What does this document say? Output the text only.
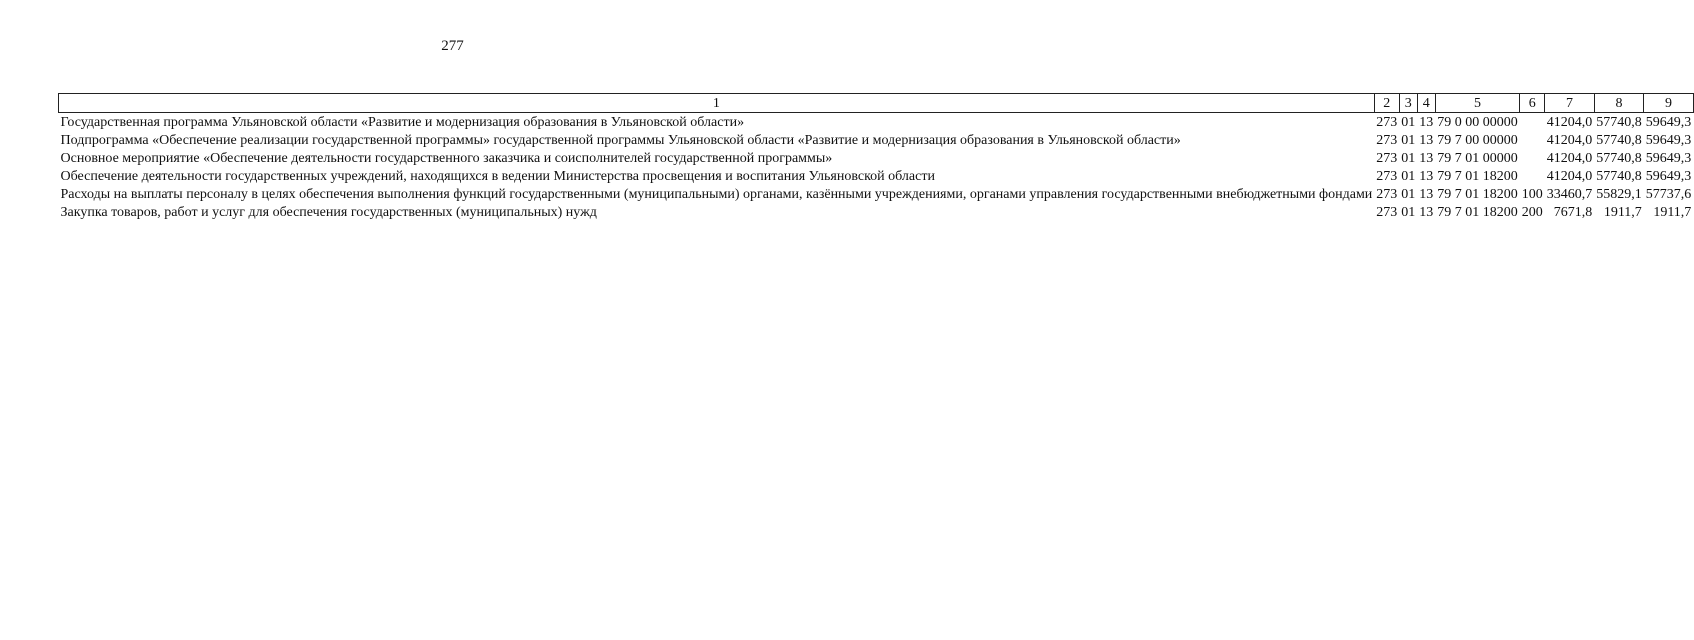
277
1	2	3	4	5	6	7	8	9
Государственная программа Ульяновской области «Развитие и модернизация образования в Ульяновской области»	273	01	13	79 0 00 00000		41204,0	57740,8	59649,3
Подпрограмма «Обеспечение реализации государственной программы» государственной программы Ульяновской области «Развитие и модернизация образования в Ульяновской области»	273	01	13	79 7 00 00000		41204,0	57740,8	59649,3
Основное мероприятие «Обеспечение деятельности государственного заказчика и соисполнителей государственной программы»	273	01	13	79 7 01 00000		41204,0	57740,8	59649,3
Обеспечение деятельности государственных учреждений, находящихся в ведении Министерства просвещения и воспитания Ульяновской области	273	01	13	79 7 01 18200		41204,0	57740,8	59649,3
Расходы на выплаты персоналу в целях обеспечения выполнения функций государственными (муниципальными) органами, казёнными учреждениями, органами управления государственными внебюджетными фондами	273	01	13	79 7 01 18200	100	33460,7	55829,1	57737,6
Закупка товаров, работ и услуг для обеспечения государственных (муниципальных) нужд	273	01	13	79 7 01 18200	200	7671,8	1911,7	1911,7
